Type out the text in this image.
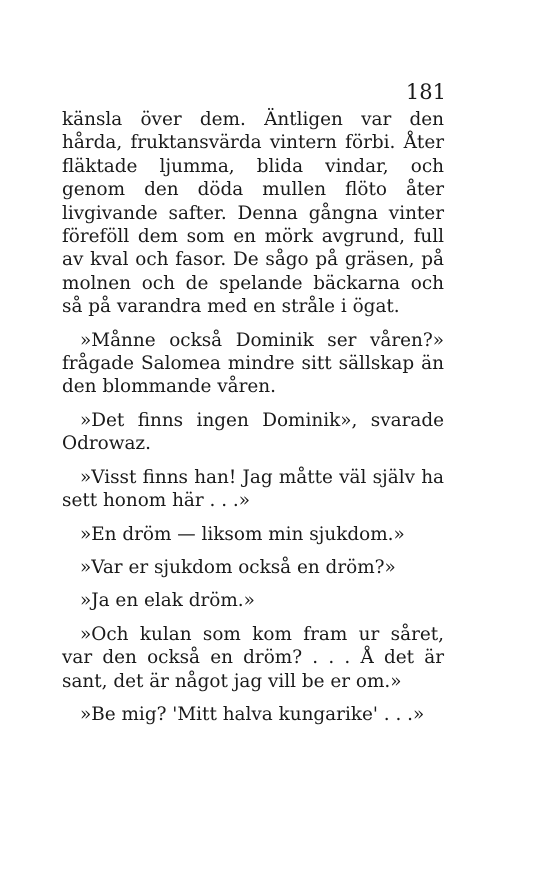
181

känsla över dem. Äntligen var den hårda, fruktansvärda vintern förbi. Åter fläktade ljumma, blida vindar, och genom den döda mullen flöto åter livgivande safter. Denna gångna vinter föreföll dem som en mörk avgrund, full av kval och fasor. De sågo på gräsen, på molnen och de spelande bäckarna och så på varandra med en stråle i ögat.

»Månne också Dominik ser våren?» frågade Salomea mindre sitt sällskap än den blommande våren.

»Det finns ingen Dominik», svarade Odrowaz.

»Visst finns han! Jag måtte väl själv ha sett honom här . . .»

»En dröm — liksom min sjukdom.»

»Var er sjukdom också en dröm?»

»Ja en elak dröm.»

»Och kulan som kom fram ur såret, var den också en dröm? . . . Å det är sant, det är något jag vill be er om.»

»Be mig? 'Mitt halva kungarike' . . .»
